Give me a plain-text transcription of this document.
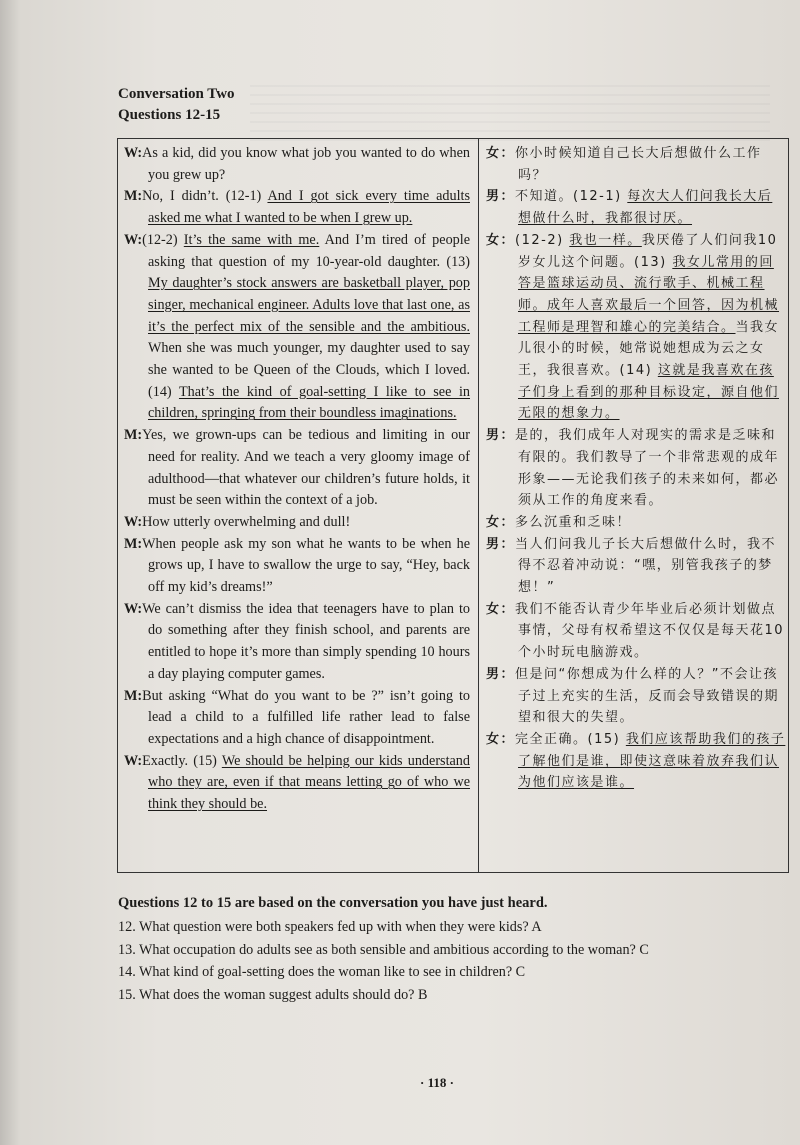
Conversation Two
Questions 12-15

W:As a kid, did you know what job you wanted to do when you grew up?

M:No, I didn’t. (12-1) And I got sick every time adults asked me what I wanted to be when I grew up.

W:(12-2) It’s the same with me. And I’m tired of people asking that question of my 10-year-old daughter. (13) My daughter’s stock answers are basketball player, pop singer, mechanical engineer. Adults love that last one, as it’s the perfect mix of the sensible and the ambitious. When she was much younger, my daughter used to say she wanted to be Queen of the Clouds, which I loved. (14) That’s the kind of goal-setting I like to see in children, springing from their boundless imaginations.

M:Yes, we grown-ups can be tedious and limiting in our need for reality. And we teach a very gloomy image of adulthood—that whatever our children’s future holds, it must be seen within the context of a job.

W:How utterly overwhelming and dull!

M:When people ask my son what he wants to be when he grows up, I have to swallow the urge to say, “Hey, back off my kid’s dreams!”

W:We can’t dismiss the idea that teenagers have to plan to do something after they finish school, and parents are entitled to hope it’s more than simply spending 10 hours a day playing computer games.

M:But asking “What do you want to be ?” isn’t going to lead a child to a fulfilled life rather lead to false expectations and a high chance of disappointment.

W:Exactly. (15) We should be helping our kids understand who they are, even if that means letting go of who we think they should be.

女：你小时候知道自己长大后想做什么工作吗？

男：不知道。(12-1) 每次大人们问我长大后想做什么时，我都很讨厌。

女：(12-2) 我也一样。我厌倦了人们问我10岁女儿这个问题。(13) 我女儿常用的回答是篮球运动员、流行歌手、机械工程师。成年人喜欢最后一个回答，因为机械工程师是理智和雄心的完美结合。当我女儿很小的时候，她常说她想成为云之女王，我很喜欢。(14) 这就是我喜欢在孩子们身上看到的那种目标设定，源自他们无限的想象力。

男：是的，我们成年人对现实的需求是乏味和有限的。我们教导了一个非常悲观的成年形象——无论我们孩子的未来如何，都必须从工作的角度来看。

女：多么沉重和乏味！

男：当人们问我儿子长大后想做什么时，我不得不忍着冲动说：“嘿，别管我孩子的梦想！”

女：我们不能否认青少年毕业后必须计划做点事情，父母有权希望这不仅仅是每天花10个小时玩电脑游戏。

男：但是问“你想成为什么样的人？”不会让孩子过上充实的生活，反而会导致错误的期望和很大的失望。

女：完全正确。(15) 我们应该帮助我们的孩子了解他们是谁，即使这意味着放弃我们认为他们应该是谁。

Questions 12 to 15 are based on the conversation you have just heard.
12. What question were both speakers fed up with when they were kids? A
13. What occupation do adults see as both sensible and ambitious according to the woman? C
14. What kind of goal-setting does the woman like to see in children? C
15. What does the woman suggest adults should do? B
· 118 ·
